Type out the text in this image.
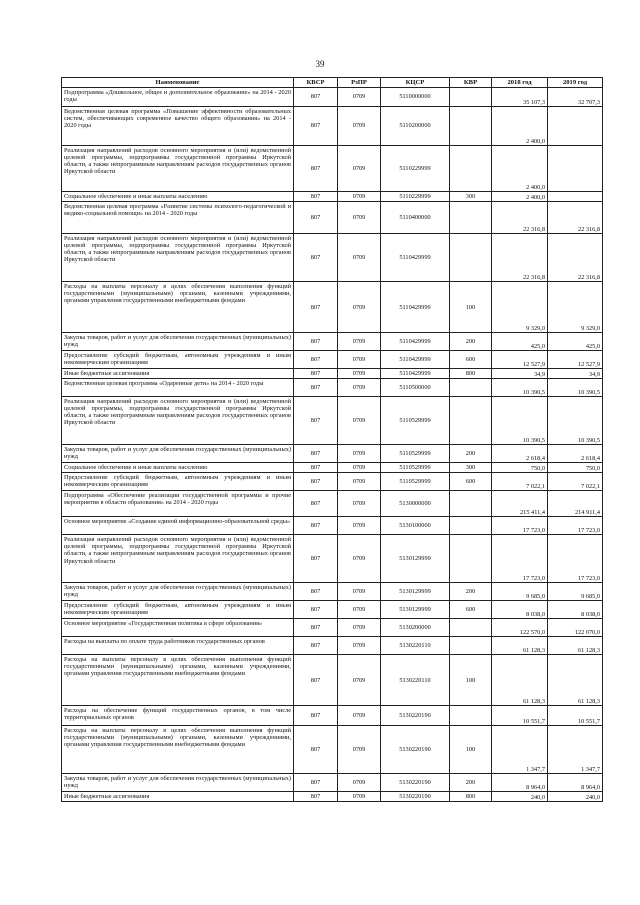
39
Наименование	КВСР	РзПР	КЦСР	КВР	2018 год	2019 год
Подпрограмма «Дошкольное, общее и дополнительное образование» на 2014 - 2020 годы	807	0709	5110000000		35 107,3	32 707,3
Ведомственная целевая программа «Повышение эффективности образовательных систем, обеспечивающих современное качество общего образования» на 2014 - 2020 годы	807	0709	5110200000		2 400,0	
Реализация направлений расходов основного мероприятия и (или) ведомственной целевой программы, подпрограммы государственной программы Иркутской области, а также непрограммным направлениям расходов государственных органов Иркутской области	807	0709	5110229999		2 400,0	
Социальное обеспечение и иные выплаты населению	807	0709	5110229999	300	2 400,0	
Ведомственная целевая программа «Развитие системы психолого-педагогической и медико-социальной помощи» на 2014 - 2020 годы	807	0709	5110400000		22 316,8	22 316,8
Реализация направлений расходов основного мероприятия и (или) ведомственной целевой программы, подпрограммы государственной программы Иркутской области, а также непрограммным направлениям расходов государственных органов Иркутской области	807	0709	5110429999		22 316,8	22 316,8
Расходы на выплаты персоналу в целях обеспечения выполнения функций государственными (муниципальными) органами, казенными учреждениями, органами управления государственными внебюджетными фондами	807	0709	5110429999	100	9 329,0	9 329,0
Закупка товаров, работ и услуг для обеспечения государственных (муниципальных) нужд	807	0709	5110429999	200	425,0	425,0
Предоставление субсидий бюджетным, автономным учреждениям и иным некоммерческим организациям	807	0709	5110429999	600	12 527,9	12 527,9
Иные бюджетные ассигнования	807	0709	5110429999	800	34,9	34,9
Ведомственная целевая программа «Одаренные дети» на 2014 - 2020 годы	807	0709	5110500000		10 390,5	10 390,5
Реализация направлений расходов основного мероприятия и (или) ведомственной целевой программы, подпрограммы государственной программы Иркутской области, а также непрограммным направлениям расходов государственных органов Иркутской области	807	0709	5110529999		10 390,5	10 390,5
Закупка товаров, работ и услуг для обеспечения государственных (муниципальных) нужд	807	0709	5110529999	200	2 618,4	2 618,4
Социальное обеспечение и иные выплаты населению	807	0709	5110529999	300	750,0	750,0
Предоставление субсидий бюджетным, автономным учреждениям и иным некоммерческим организациям	807	0709	5110529999	600	7 022,1	7 022,1
Подпрограмма «Обеспечение реализации государственной программы и прочие мероприятия в области образования» на 2014 - 2020 годы	807	0709	5130000000		215 411,4	214 911,4
Основное мероприятие «Создание единой информационно-образовательной среды»	807	0709	5130100000		17 723,0	17 723,0
Реализация направлений расходов основного мероприятия и (или) ведомственной целевой программы, подпрограммы государственной программы Иркутской области, а также непрограммным направлениям расходов государственных органов Иркутской области	807	0709	5130129999		17 723,0	17 723,0
Закупка товаров, работ и услуг для обеспечения государственных (муниципальных) нужд	807	0709	5130129999	200	9 685,0	9 685,0
Предоставление субсидий бюджетным, автономным учреждениям и иным некоммерческим организациям	807	0709	5130129999	600	8 038,0	8 038,0
Основное мероприятие «Государственная политика в сфере образования»	807	0709	5130200000		122 570,0	122 070,0
Расходы на выплаты по оплате труда работников государственных органов	807	0709	5130220110		61 128,3	61 128,3
Расходы на выплаты персоналу в целях обеспечения выполнения функций государственными (муниципальными) органами, казенными учреждениями, органами управления государственными внебюджетными фондами	807	0709	5130220110	100	61 128,3	61 128,3
Расходы на обеспечение функций государственных органов, в том числе территориальных органов	807	0709	5130220190		10 551,7	10 551,7
Расходы на выплаты персоналу в целях обеспечения выполнения функций государственными (муниципальными) органами, казенными учреждениями, органами управления государственными внебюджетными фондами	807	0709	5130220190	100	1 347,7	1 347,7
Закупка товаров, работ и услуг для обеспечения государственных (муниципальных) нужд	807	0709	5130220190	200	8 964,0	8 964,0
Иные бюджетные ассигнования	807	0709	5130220190	800	240,0	240,0
